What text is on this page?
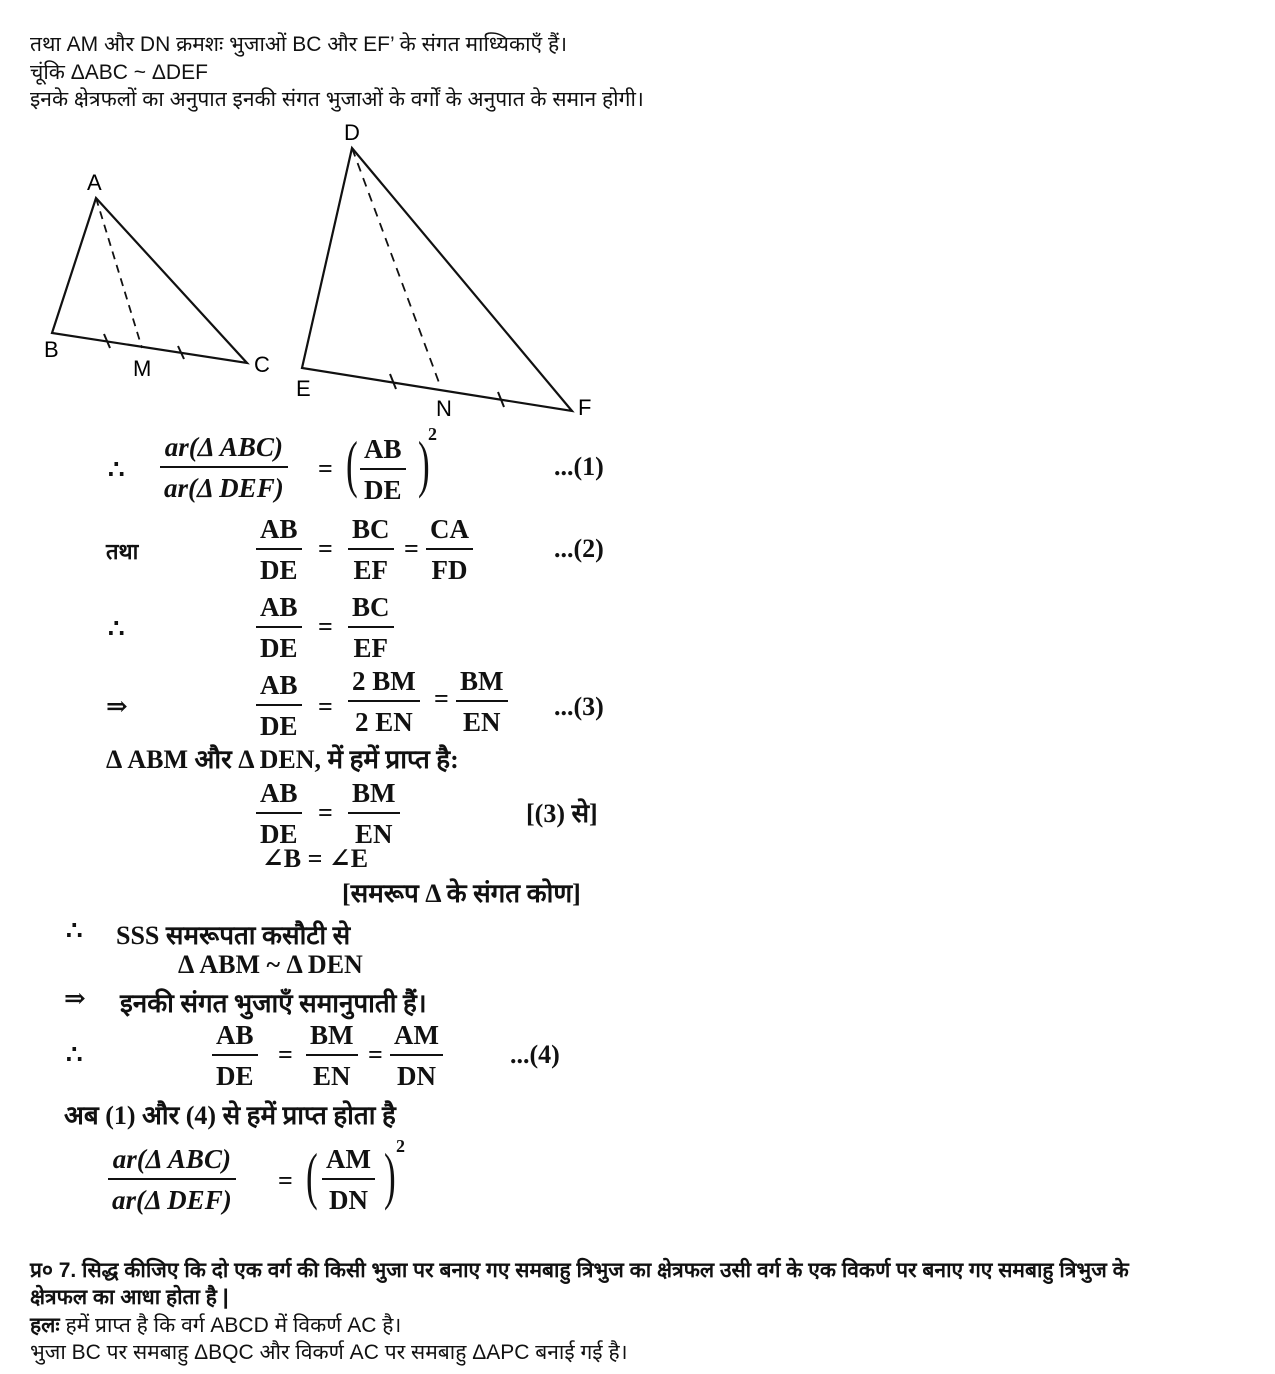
तथा AM और DN क्रमशः भुजाओं BC और EF’ के संगत माध्यिकाएँ हैं।
चूंकि ΔABC ~ ΔDEF
इनके क्षेत्रफलों का अनुपात इनकी संगत भुजाओं के वर्गों के अनुपात के समान होगी।
A
B
M	C
D
E
N	F
∴
ar(Δ ABC)
ar(Δ DEF)
= ( $\frac{AB}{DE}$ )
2
...(1)
तथा	$\frac{AB}{DE} = \frac{BC}{EF} = \frac{CA}{FD}$	...(2)
∴	$\frac{AB}{DE} = \frac{BC}{EF}$
⇒	$\frac{AB}{DE} = \frac{2 BM}{2 EN} = \frac{BM}{EN} ...(3)$
Δ ABM और Δ DEN, में हमें प्राप्त है:
$\frac{AB}{DE} = \frac{BM}{EN}$	[(3) से]
∠B = ∠E
[समरूप Δ के संगत कोण]
∴ SSS समरूपता कसौटी से
Δ ABM ~ Δ DEN
⇒ इनकी संगत भुजाएँ समानुपाती हैं।
∴	$\frac{AB}{DE} = \frac{BM}{EN} = \frac{AM}{DN}$	...(4)
अब (1) और (4) से हमें प्राप्त होता है
ar(Δ ABC)
ar(Δ DEF)
= ( $\frac{AM}{DN}$ ) 2
प्र० 7. सिद्ध कीजिए कि दो एक वर्ग की किसी भुजा पर बनाए गए समबाहु त्रिभुज का क्षेत्रफल उसी वर्ग के एक विकर्ण पर बनाए गए समबाहु त्रिभुज के
क्षेत्रफल का आधा होता है |
हलः हमें प्राप्त है कि वर्ग ABCD में विकर्ण AC है।
भुजा BC पर समबाहु ΔBQC और विकर्ण AC पर समबाहु ΔAPC बनाई गई है।
